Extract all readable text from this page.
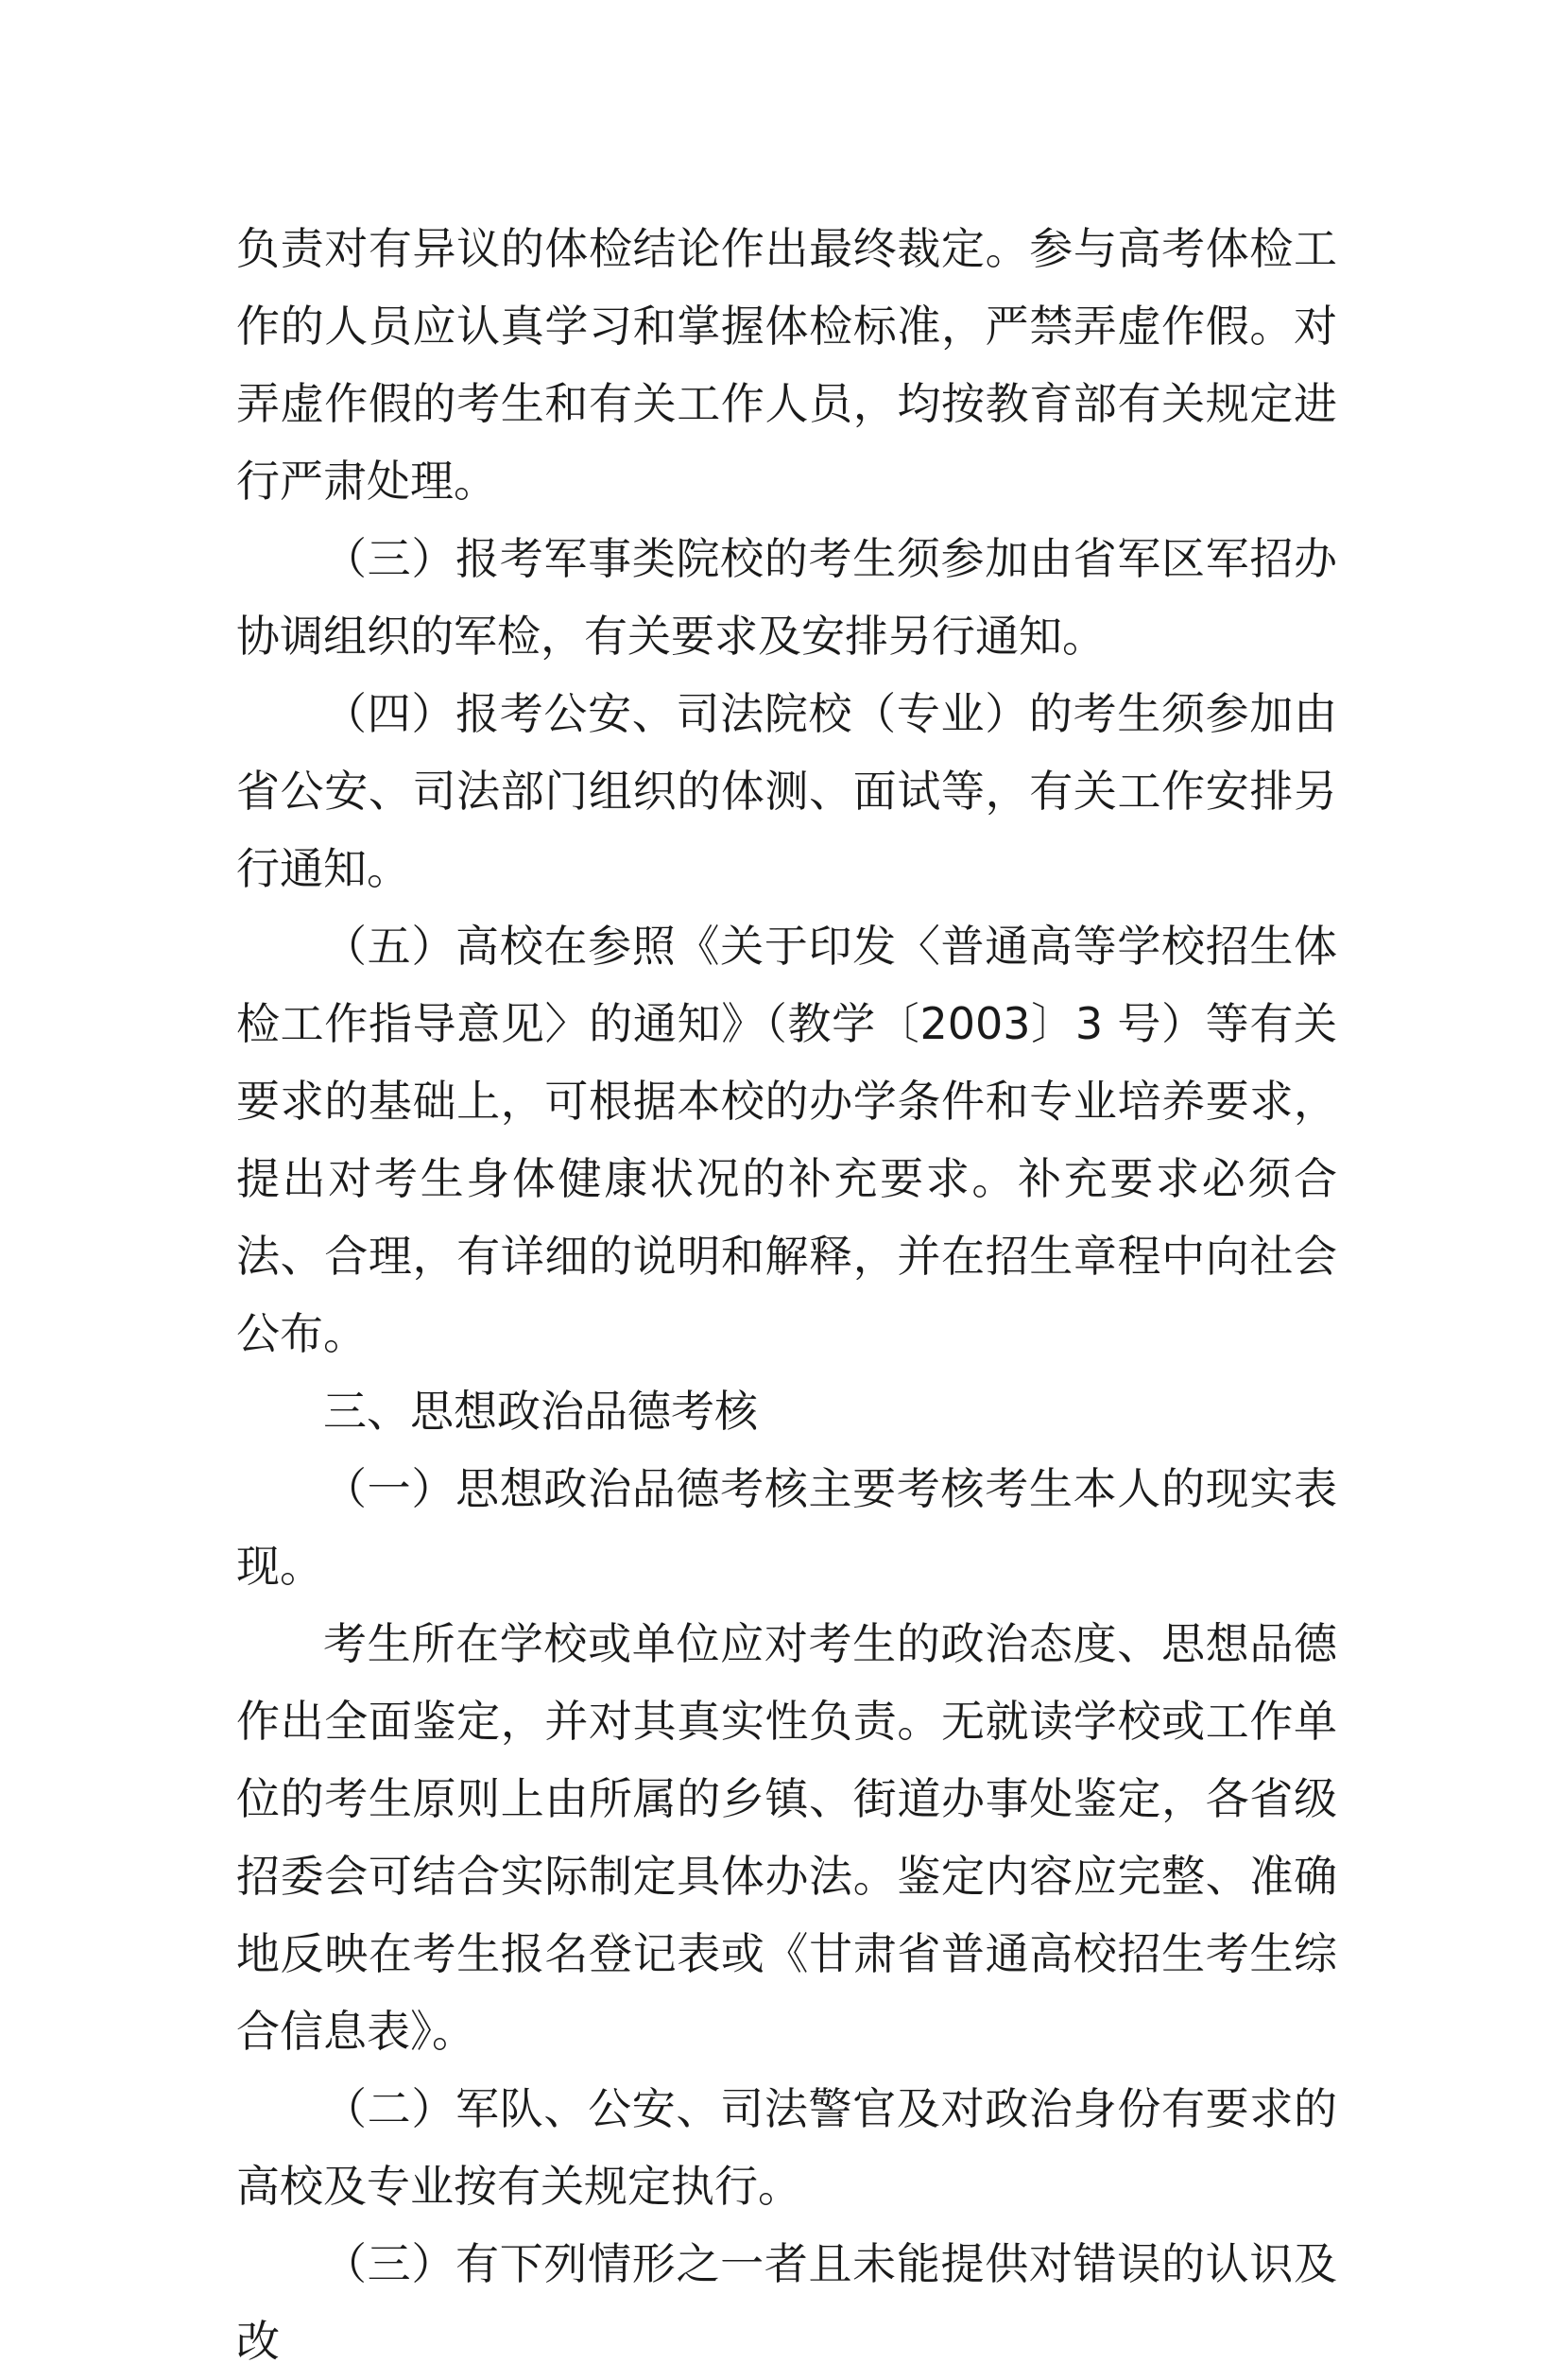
负责对有异议的体检结论作出最终裁定。参与高考体检工作的人员应认真学习和掌握体检标准，严禁弄虚作假。对弄虚作假的考生和有关工作人员，均按教育部有关规定进行严肃处理。

（三）报考军事类院校的考生须参加由省军区军招办协调组织的军检，有关要求及安排另行通知。

（四）报考公安、司法院校（专业）的考生须参加由省公安、司法部门组织的体测、面试等，有关工作安排另行通知。

（五）高校在参照《关于印发〈普通高等学校招生体检工作指导意见〉的通知》（教学〔2003〕3 号）等有关要求的基础上，可根据本校的办学条件和专业培养要求，提出对考生身体健康状况的补充要求。补充要求必须合法、合理，有详细的说明和解释，并在招生章程中向社会公布。

三、思想政治品德考核

（一）思想政治品德考核主要考核考生本人的现实表现。

考生所在学校或单位应对考生的政治态度、思想品德作出全面鉴定，并对其真实性负责。无就读学校或工作单位的考生原则上由所属的乡镇、街道办事处鉴定，各省级招委会可结合实际制定具体办法。鉴定内容应完整、准确地反映在考生报名登记表或《甘肃省普通高校招生考生综合信息表》。

（二）军队、公安、司法警官及对政治身份有要求的高校及专业按有关规定执行。

（三）有下列情形之一者且未能提供对错误的认识及改
